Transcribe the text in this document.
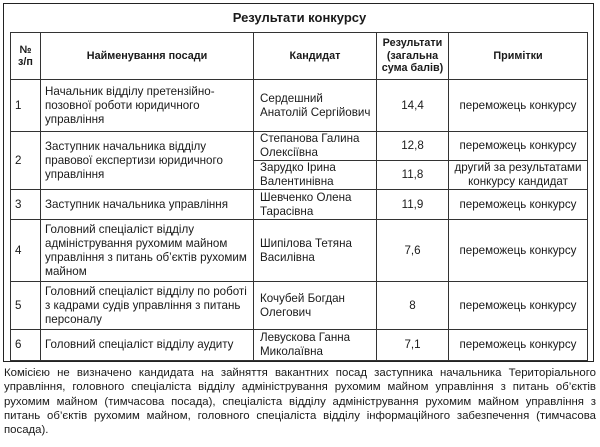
Результати конкурсу
№ з/п	Найменування посади	Кандидат	Результати (загальна сума балів)	Примітки
1	Начальник відділу претензійно-позовної роботи юридичного управління	Сердешний Анатолій Сергійович	14,4	переможець конкурсу
2	Заступник начальника відділу правової експертизи юридичного управління	Степанова Галина Олексіївна	12,8	переможець конкурсу
		Зарудко Ірина Валентинівна	11,8	другий за результатами конкурсу кандидат
3	Заступник начальника управління	Шевченко Олена Тарасівна	11,9	переможець конкурсу
4	Головний спеціаліст відділу адміністрування рухомим майном управління з питань об’єктів рухомим майном	Шипілова Тетяна Василівна	7,6	переможець конкурсу
5	Головний спеціаліст відділу по роботі з кадрами судів управління з питань персоналу	Кочубей Богдан Олегович	8	переможець конкурсу
6	Головний спеціаліст відділу аудиту	Левускова Ганна Миколаївна	7,1	переможець конкурсу
Комісією не визначено кандидата на зайняття вакантних посад заступника начальника Територіального управління, головного спеціаліста відділу адміністрування рухомим майном управління з питань об’єктів рухомим майном (тимчасова посада), спеціаліста відділу адміністрування рухомим майном управління з питань об’єктів рухомим майном, головного спеціаліста відділу інформаційного забезпечення (тимчасова посада).
